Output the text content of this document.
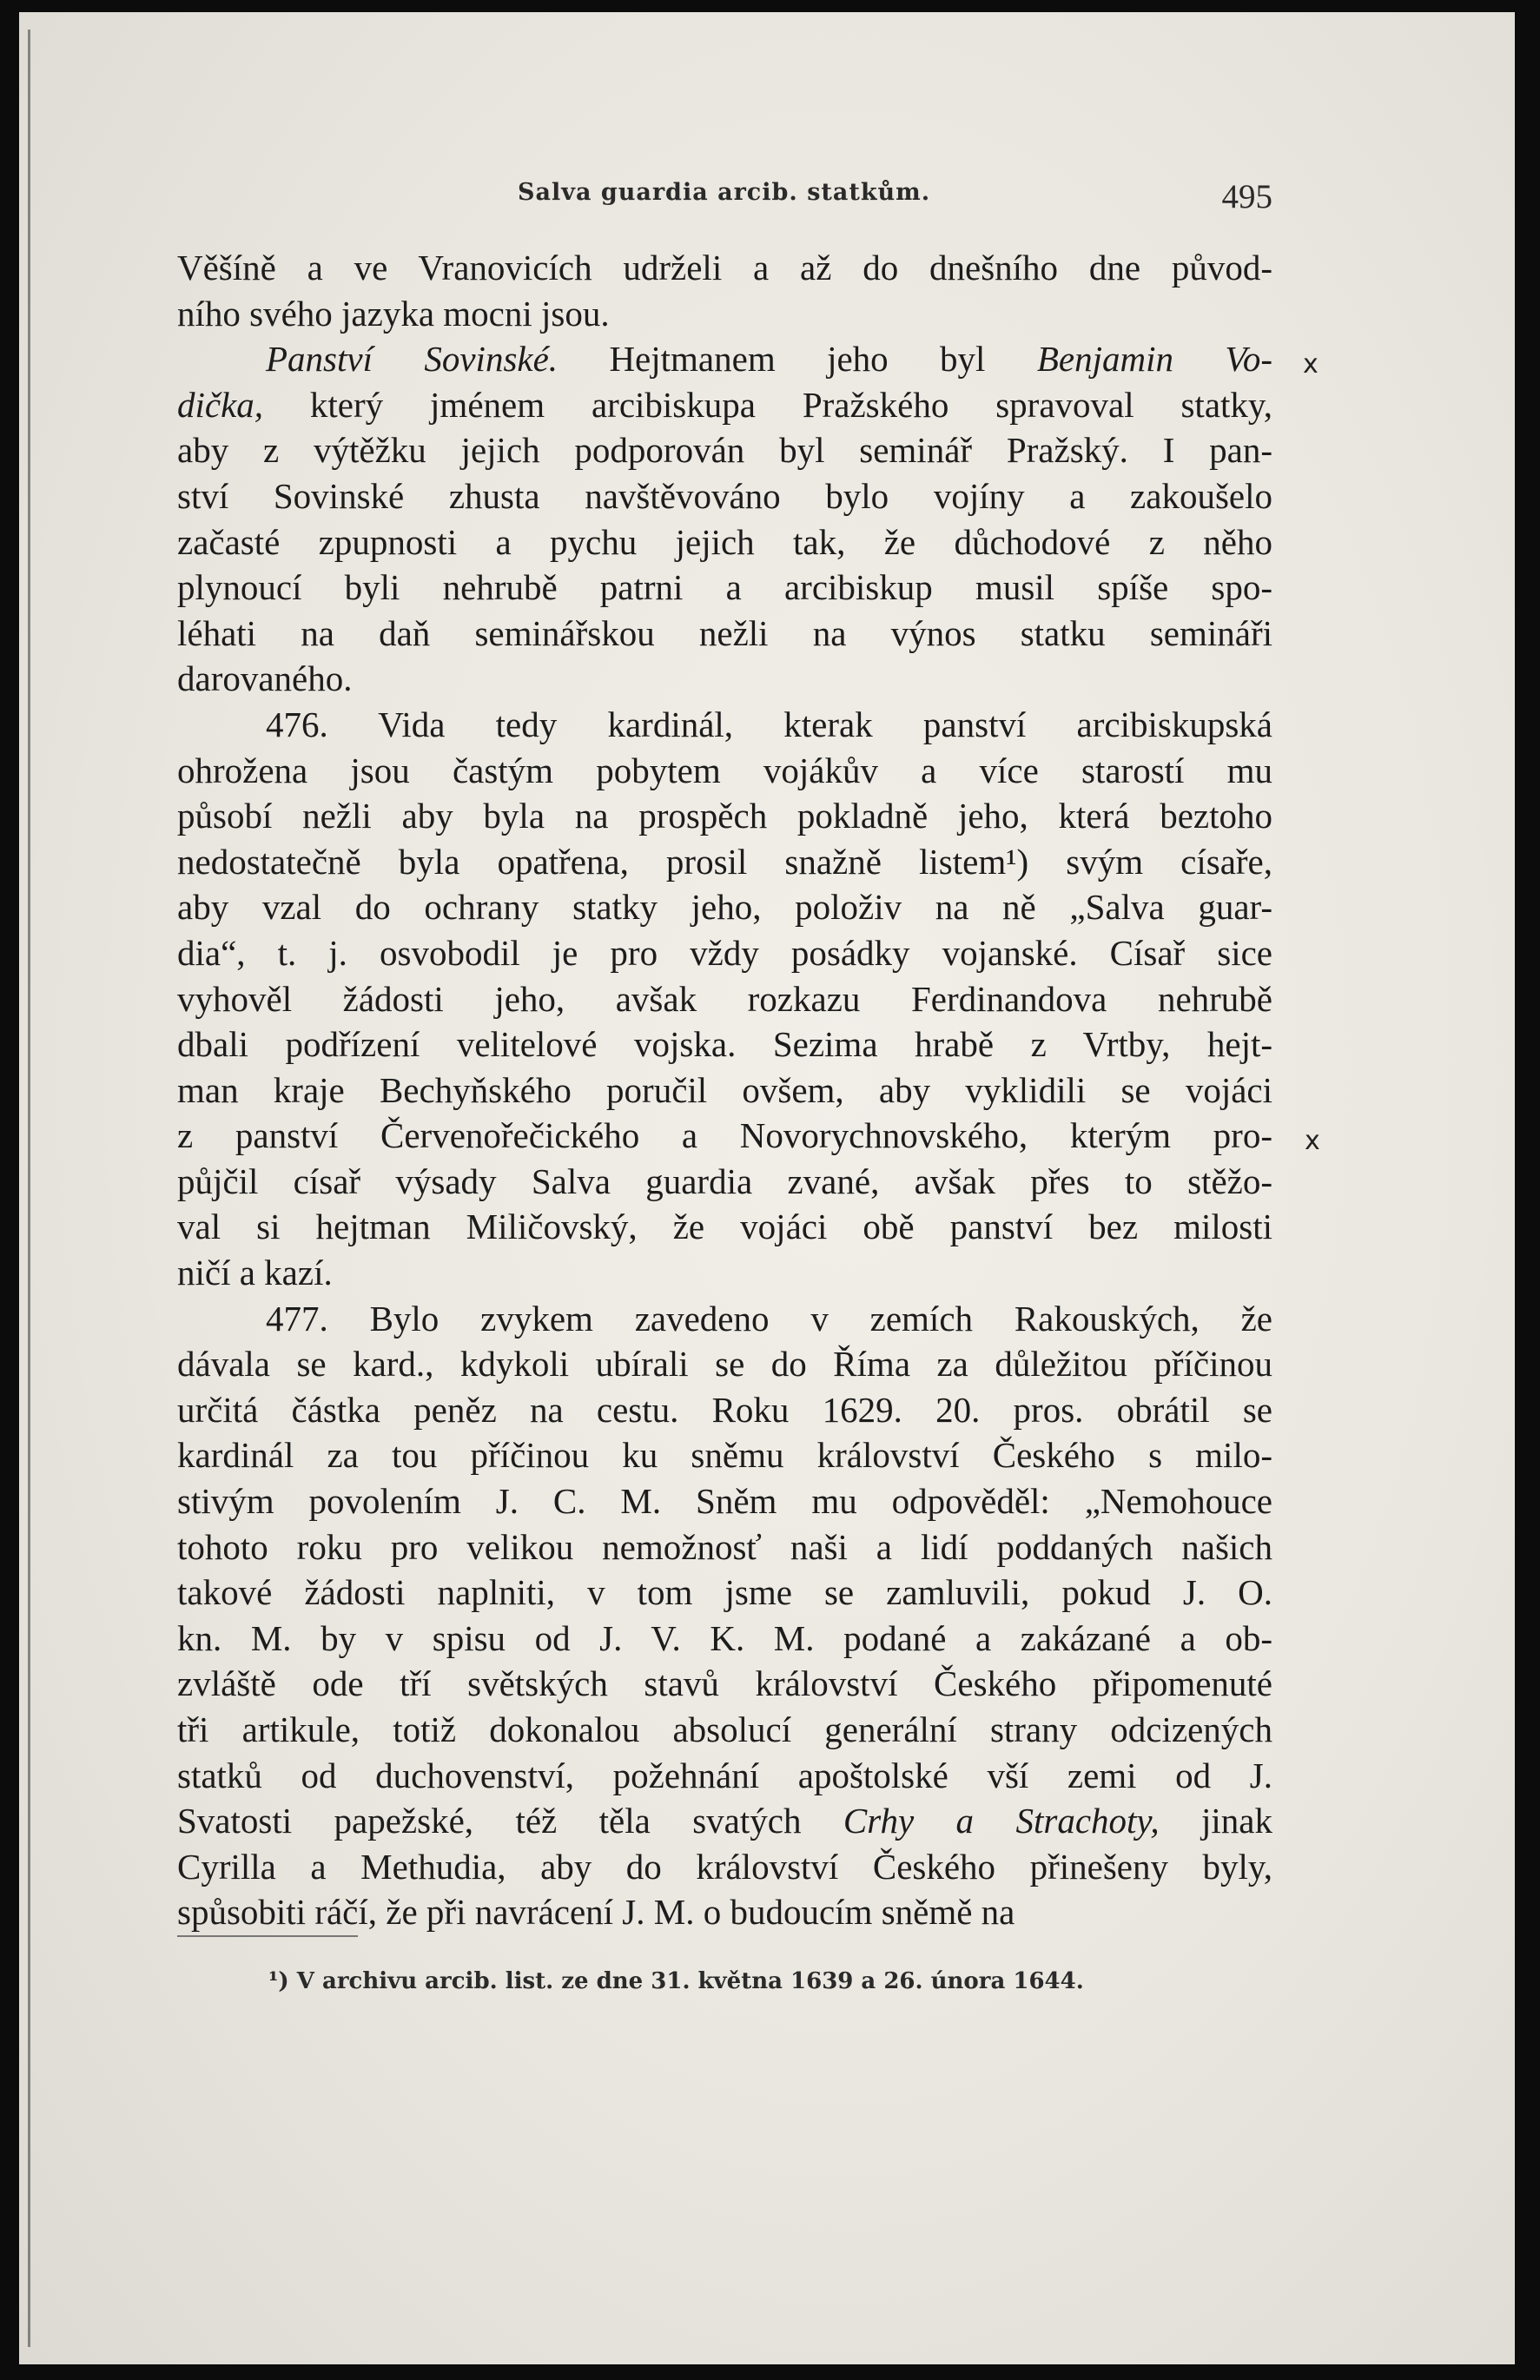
Salva guardia arcib. statkům.	495
Věšíně a ve Vranovicích udrželi a až do dnešního dne původ-
ního svého jazyka mocni jsou.
Panství Sovinské. Hejtmanem jeho byl Benjamin Vo-
dička, který jménem arcibiskupa Pražského spravoval statky,
aby z výtěžku jejich podporován byl seminář Pražský. I pan-
ství Sovinské zhusta navštěvováno bylo vojíny a zakoušelo
začasté zpupnosti a pychu jejich tak, že důchodové z něho
plynoucí byli nehrubě patrni a arcibiskup musil spíše spo-
léhati na daň seminářskou nežli na výnos statku semináři
darovaného.
476. Vida tedy kardinál, kterak panství arcibiskupská
ohrožena jsou častým pobytem vojákův a více starostí mu
působí nežli aby byla na prospěch pokladně jeho, která beztoho
nedostatečně byla opatřena, prosil snažně listem¹) svým císaře,
aby vzal do ochrany statky jeho, položiv na ně „Salva guar-
dia“, t. j. osvobodil je pro vždy posádky vojanské. Císař sice
vyhověl žádosti jeho, avšak rozkazu Ferdinandova nehrubě
dbali podřízení velitelové vojska. Sezima hrabě z Vrtby, hejt-
man kraje Bechyňského poručil ovšem, aby vyklidili se vojáci
z panství Červenořečického a Novorychnovského, kterým pro-
půjčil císař výsady Salva guardia zvané, avšak přes to stěžo-
val si hejtman Miličovský, že vojáci obě panství bez milosti
ničí a kazí.
477. Bylo zvykem zavedeno v zemích Rakouských, že
dávala se kard., kdykoli ubírali se do Říma za důležitou příčinou
určitá částka peněz na cestu. Roku 1629. 20. pros. obrátil se
kardinál za tou příčinou ku sněmu království Českého s milo-
stivým povolením J. C. M. Sněm mu odpověděl: „Nemohouce
tohoto roku pro velikou nemožnosť naši a lidí poddaných našich
takové žádosti naplniti, v tom jsme se zamluvili, pokud J. O.
kn. M. by v spisu od J. V. K. M. podané a zakázané a ob-
zvláště ode tří světských stavů království Českého připomenuté
tři artikule, totiž dokonalou absolucí generální strany odcizených
statků od duchovenství, požehnání apoštolské vší zemi od J.
Svatosti papežské, též těla svatých Crhy a Strachoty, jinak
Cyrilla a Methudia, aby do království Českého přinešeny byly,
spůsobiti ráčí, že při navrácení J. M. o budoucím sněmě na
¹) V archivu arcib. list. ze dne 31. května 1639 a 26. února 1644.
x
x
